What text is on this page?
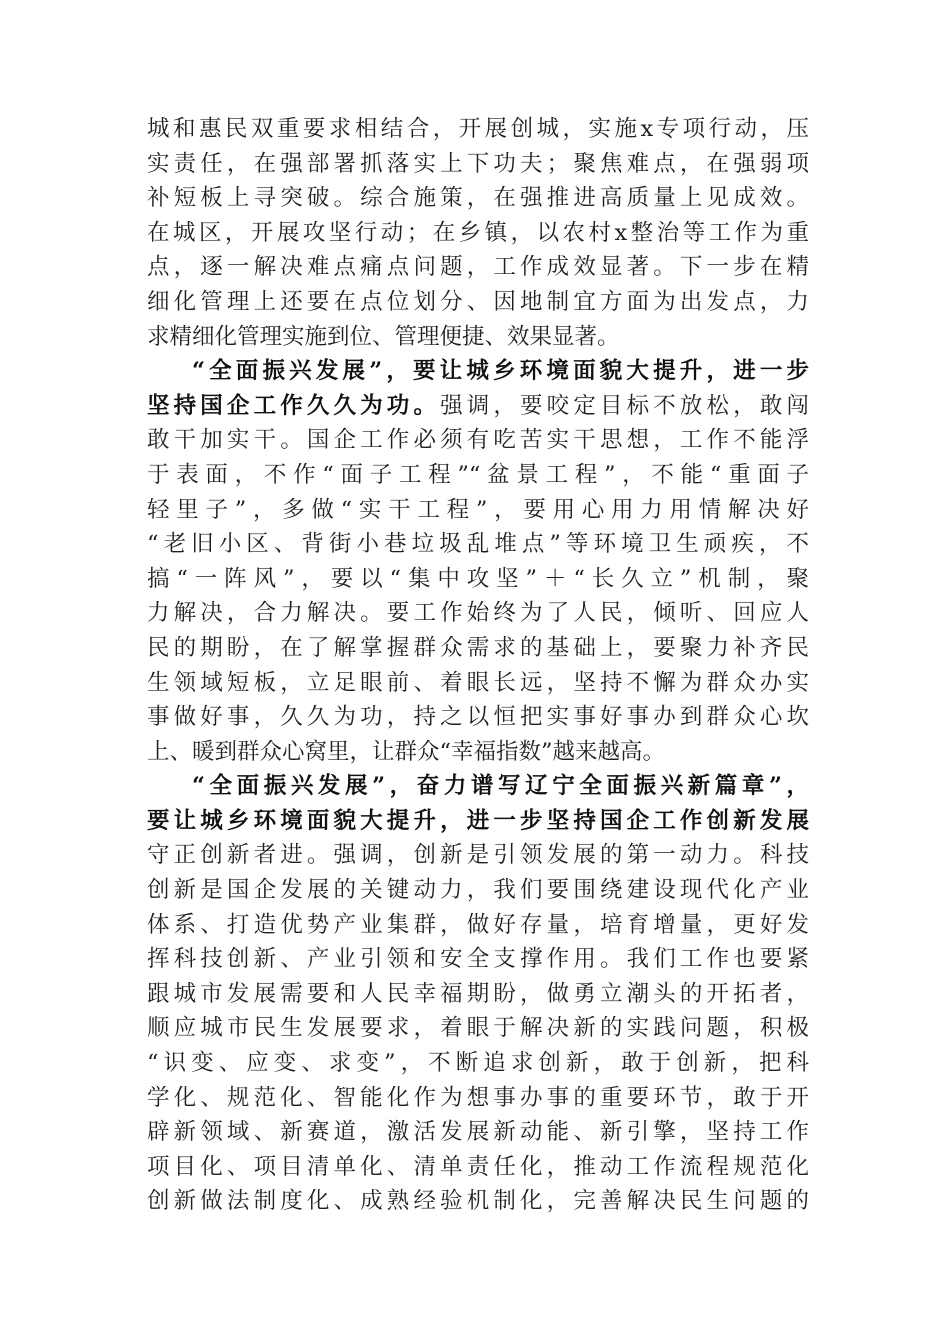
城和惠民双重要求相结合，开展创城，实施x专项行动，压
实责任，在强部署抓落实上下功夫；聚焦难点，在强弱项
补短板上寻突破。综合施策，在强推进高质量上见成效。
在城区，开展攻坚行动；在乡镇，以农村x整治等工作为重
点，逐一解决难点痛点问题，工作成效显著。下一步在精
细化管理上还要在点位划分、因地制宜方面为出发点，力
求精细化管理实施到位、管理便捷、效果显著。
“全面振兴发展”，要让城乡环境面貌大提升，进一步
坚持国企工作久久为功。强调，要咬定目标不放松，敢闯
敢干加实干。国企工作必须有吃苦实干思想，工作不能浮
于表面，不作“面子工程”“盆景工程”，不能“重面子
轻里子”，多做“实干工程”，要用心用力用情解决好
“老旧小区、背街小巷垃圾乱堆点”等环境卫生顽疾，不
搞“一阵风”，要以“集中攻坚”＋“长久立”机制，聚
力解决，合力解决。要工作始终为了人民，倾听、回应人
民的期盼，在了解掌握群众需求的基础上，要聚力补齐民
生领域短板，立足眼前、着眼长远，坚持不懈为群众办实
事做好事，久久为功，持之以恒把实事好事办到群众心坎
上、暖到群众心窝里，让群众“幸福指数”越来越高。
“全面振兴发展”，奋力谱写辽宁全面振兴新篇章”，
要让城乡环境面貌大提升，进一步坚持国企工作创新发展
守正创新者进。强调，创新是引领发展的第一动力。科技
创新是国企发展的关键动力，我们要围绕建设现代化产业
体系、打造优势产业集群，做好存量，培育增量，更好发
挥科技创新、产业引领和安全支撑作用。我们工作也要紧
跟城市发展需要和人民幸福期盼，做勇立潮头的开拓者，
顺应城市民生发展要求，着眼于解决新的实践问题，积极
“识变、应变、求变”，不断追求创新，敢于创新，把科
学化、规范化、智能化作为想事办事的重要环节，敢于开
辟新领域、新赛道，激活发展新动能、新引擎，坚持工作
项目化、项目清单化、清单责任化，推动工作流程规范化
创新做法制度化、成熟经验机制化，完善解决民生问题的
